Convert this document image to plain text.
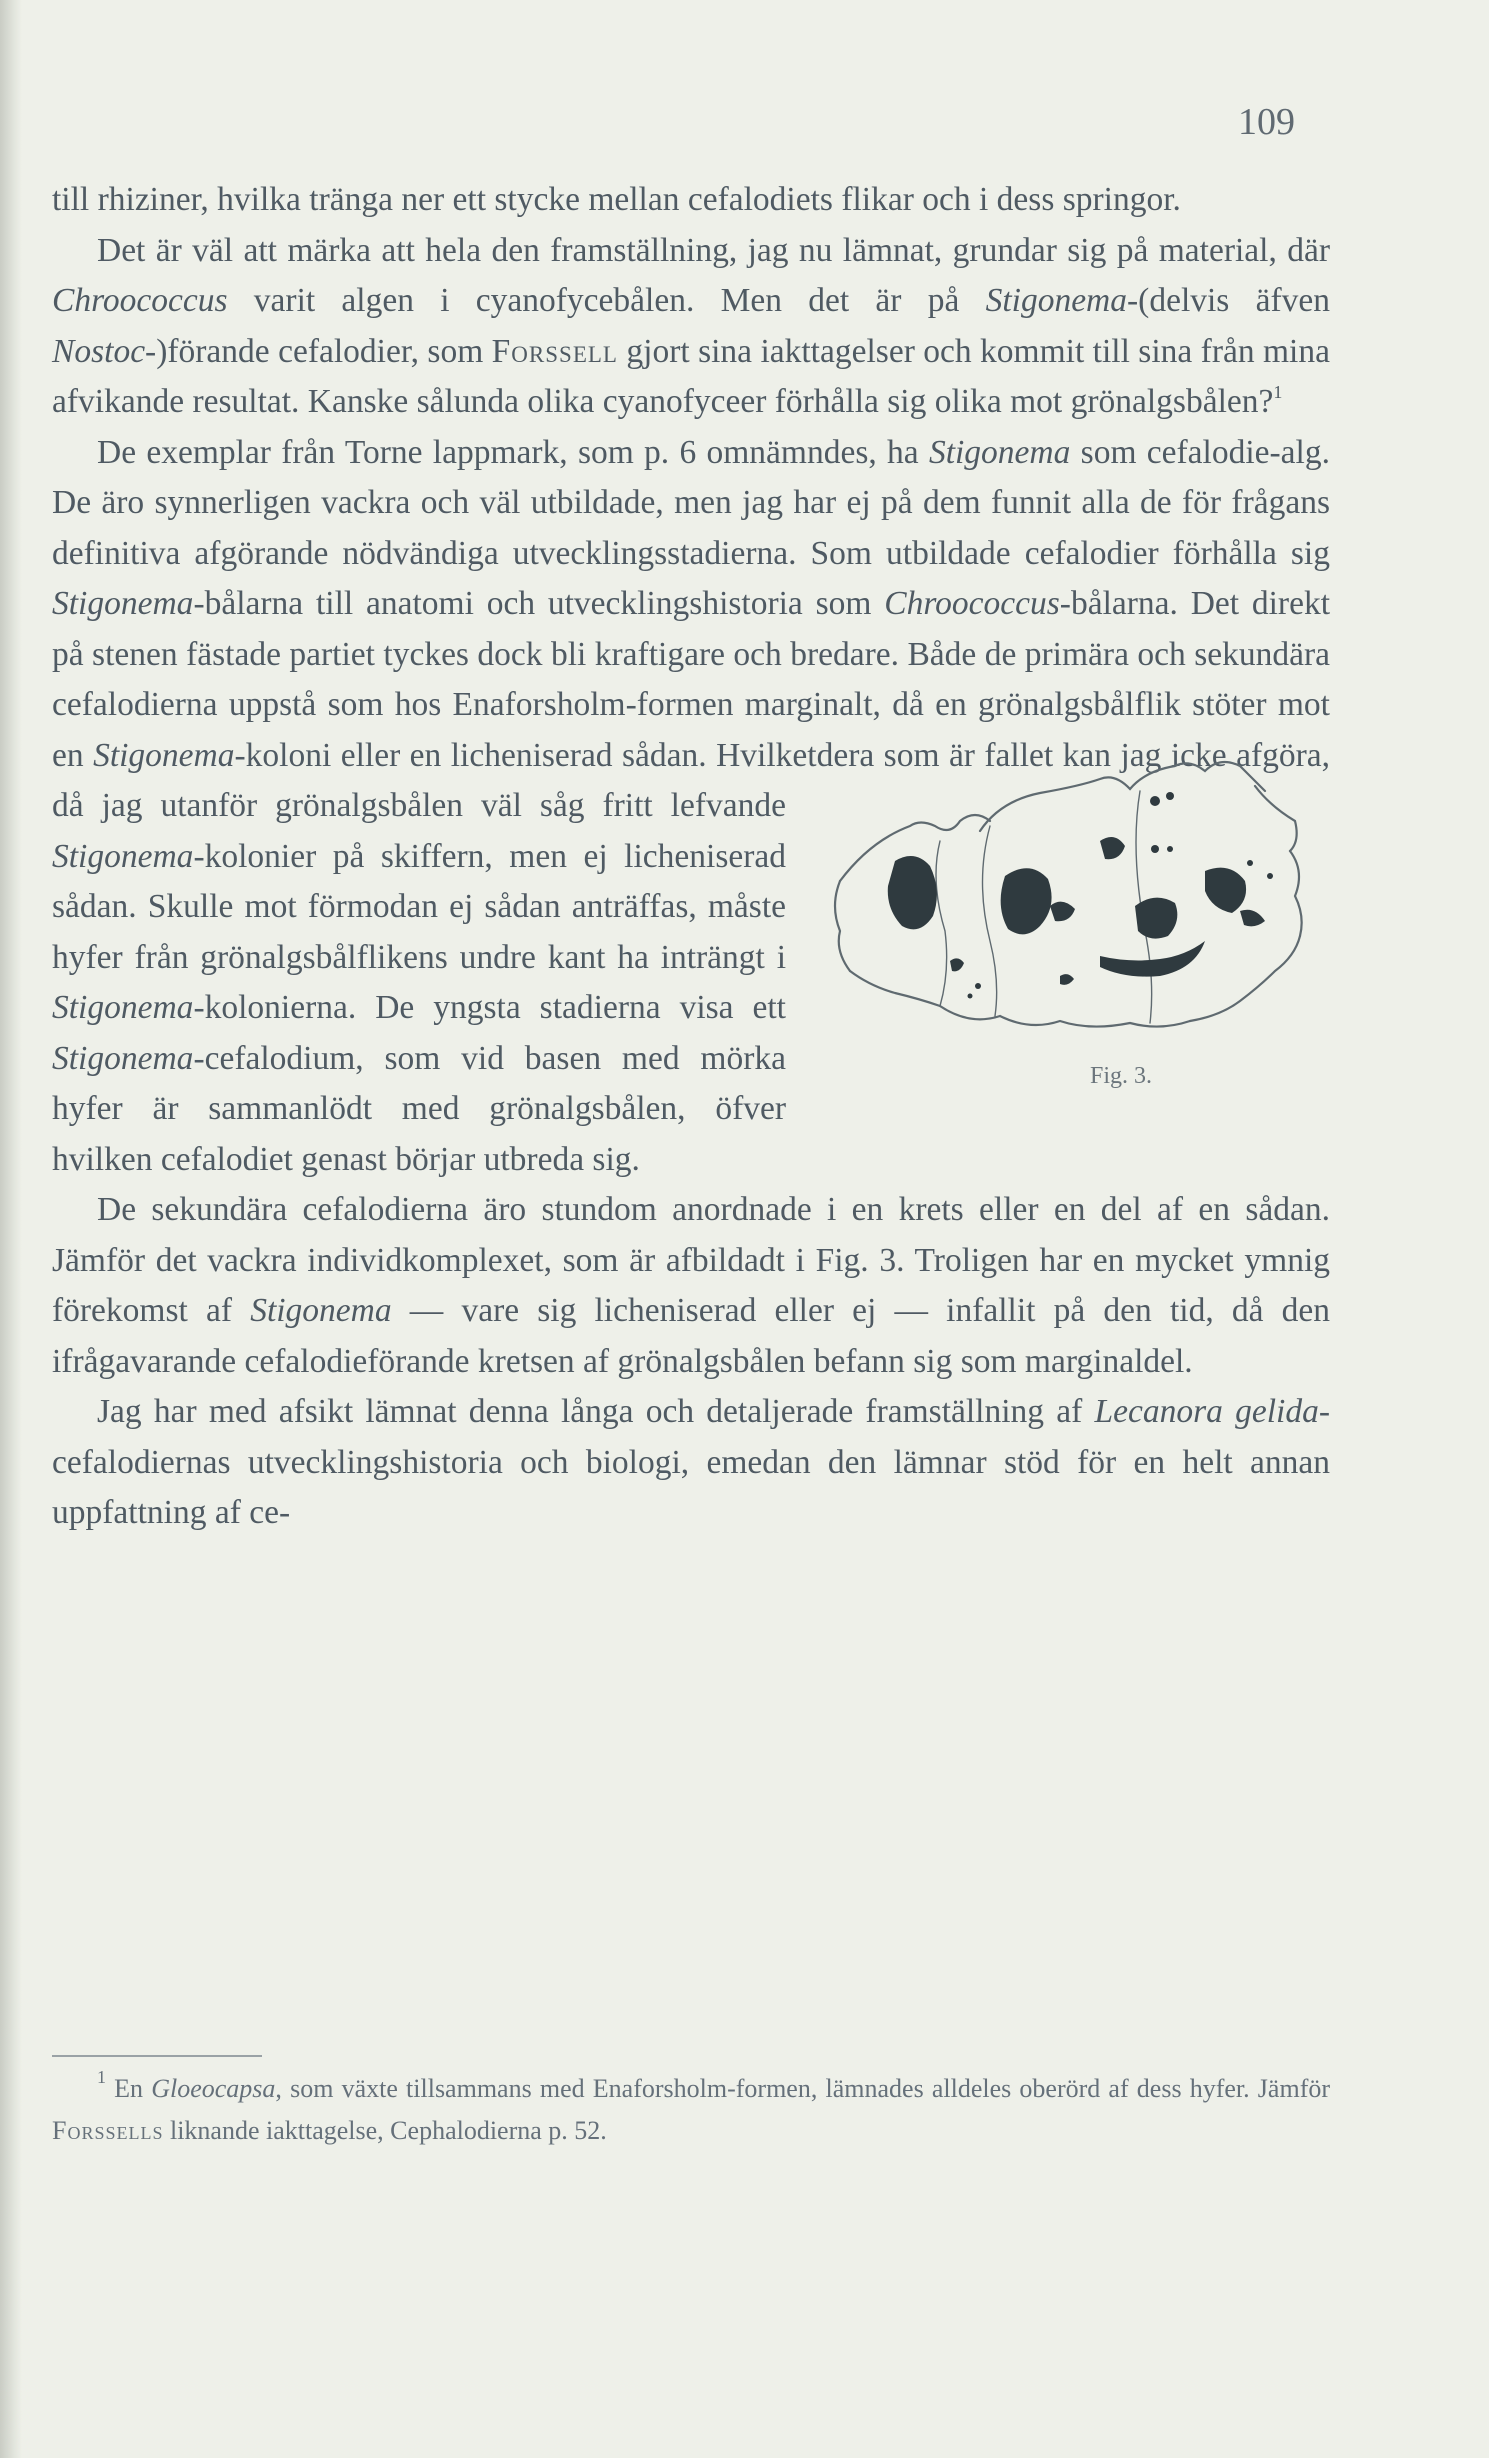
109

till rhiziner, hvilka tränga ner ett stycke mellan cefalodiets flikar och i dess springor.

Det är väl att märka att hela den framställning, jag nu lämnat, grundar sig på material, där Chroococcus varit algen i cyanofycebålen. Men det är på Stigonema-(delvis äfven Nostoc-)förande cefalodier, som Forssell gjort sina iakttagelser och kommit till sina från mina afvikande resultat. Kanske sålunda olika cyanofyceer förhålla sig olika mot grönalgsbålen?$^1$

De exemplar från Torne lappmark, som p. 6 omnämndes, ha Stigonema som cefalodie-alg. De äro synnerligen vackra och väl utbildade, men jag har ej på dem funnit alla de för frågans definitiva afgörande nödvändiga utvecklingsstadierna. Som utbildade cefalodier förhålla sig Stigonema-bålarna till anatomi och utvecklingshistoria som Chroococcus-bålarna. Det direkt på stenen fästade partiet tyckes dock bli kraftigare och bredare. Både de primära och sekundära cefalodierna uppstå som hos Enaforsholm-formen marginalt, då en grönalgsbålflik stöter mot en
Fig. 3.
Stigonema-koloni eller en licheniserad sådan. Hvilketdera som är fallet kan jag icke afgöra, då jag utanför grönalgsbålen väl såg fritt lefvande Stigonema-kolonier på skiffern, men ej licheniserad sådan. Skulle mot förmodan ej sådan anträffas, måste hyfer från grönalgsbålflikens undre kant ha inträngt i Stigonema-kolonierna. De yngsta stadierna visa ett Stigonema-cefalodium, som vid basen med mörka hyfer är sammanlödt med grönalgsbålen, öfver hvilken cefalodiet genast börjar utbreda sig.

De sekundära cefalodierna äro stundom anordnade i en krets eller en del af en sådan. Jämför det vackra individkomplexet, som är afbildadt i Fig. 3. Troligen har en mycket ymnig förekomst af Stigonema — vare sig licheniserad eller ej — infallit på den tid, då den ifrågavarande cefalodieförande kretsen af grönalgsbålen befann sig som marginaldel.

Jag har med afsikt lämnat denna långa och detaljerade framställning af Lecanora gelida-cefalodiernas utvecklingshistoria och biologi, emedan den lämnar stöd för en helt annan uppfattning af ce-

$^1$ En Gloeocapsa, som växte tillsammans med Enaforsholm-formen, lämnades alldeles oberörd af dess hyfer. Jämför Forssells liknande iakttagelse, Cephalodierna p. 52.
